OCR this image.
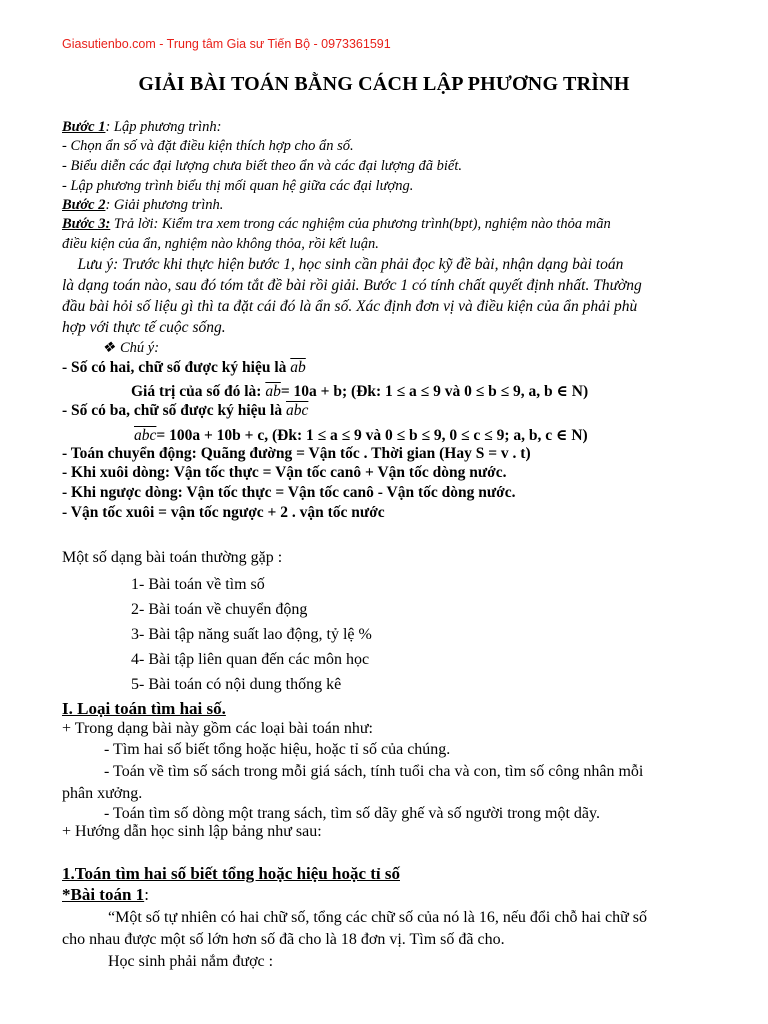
Giasutienbo.com - Trung tâm Gia sư Tiến Bộ - 0973361591
GIẢI BÀI TOÁN BẰNG CÁCH LẬP PHƯƠNG TRÌNH
Bước 1: Lập phương trình:
- Chọn ẩn số và đặt điều kiện thích hợp cho ẩn số.
- Biểu diễn các đại lượng chưa biết theo ẩn và các đại lượng đã biết.
- Lập phương trình biểu thị mối quan hệ giữa các đại lượng.
Bước 2: Giải phương trình.
Bước 3: Trả lời: Kiểm tra xem trong các nghiệm của phương trình(bpt), nghiệm nào thỏa mãn
điều kiện của ẩn, nghiệm nào không thỏa, rồi kết luận.
Lưu ý: Trước khi thực hiện bước 1, học sinh cần phải đọc kỹ đề bài, nhận dạng bài toán
là dạng toán nào, sau đó tóm tắt đề bài rồi giải. Bước 1 có tính chất quyết định nhất. Thường
đầu bài hỏi số liệu gì thì ta đặt cái đó là ẩn số. Xác định đơn vị và điều kiện của ẩn phải phù
hợp với thực tế cuộc sống.
❖ Chú ý:
- Số có hai, chữ số được ký hiệu là $\overline{ab}$
Giá trị của số đó là: $\overline{ab}= 10a + b$; (Đk: 1 ≤ a ≤ 9 và 0 ≤ b ≤ 9, a, b ∈ N)
- Số có ba, chữ số được ký hiệu là $\overline{abc}$
$\overline{abc}= 100a + 10b + c$, (Đk: 1 ≤ a ≤ 9 và 0 ≤ b ≤ 9, 0 ≤ c ≤ 9; a, b, c ∈ N)
- Toán chuyển động: Quãng đường = Vận tốc . Thời gian (Hay S = v . t)
- Khi xuôi dòng: Vận tốc thực = Vận tốc canô + Vận tốc dòng nước.
- Khi ngược dòng: Vận tốc thực = Vận tốc canô - Vận tốc dòng nước.
- Vận tốc xuôi = vận tốc ngược + 2 . vận tốc nước
Một số dạng bài toán thường gặp :
1- Bài toán về tìm số
2- Bài toán về chuyển động
3- Bài tập năng suất lao động, tỷ lệ %
4- Bài tập liên quan đến các môn học
5- Bài toán có nội dung thống kê
I. Loại toán tìm hai số.
+ Trong dạng bài này gồm các loại bài toán như:
- Tìm hai số biết tổng hoặc hiệu, hoặc tỉ số của chúng.
- Toán về tìm số sách trong mỗi giá sách, tính tuổi cha và con, tìm số công nhân mỗi
phân xưởng.
- Toán tìm số dòng một trang sách, tìm số dãy ghế và số người trong một dãy.
+ Hướng dẫn học sinh lập bảng như sau:
1.Toán tìm hai số biết tổng hoặc hiệu hoặc tỉ số
*Bài toán 1:
“Một số tự nhiên có hai chữ số, tổng các chữ số của nó là 16, nếu đổi chỗ hai chữ số
cho nhau được một số lớn hơn số đã cho là 18 đơn vị. Tìm số đã cho.
Học sinh phải nắm được :
